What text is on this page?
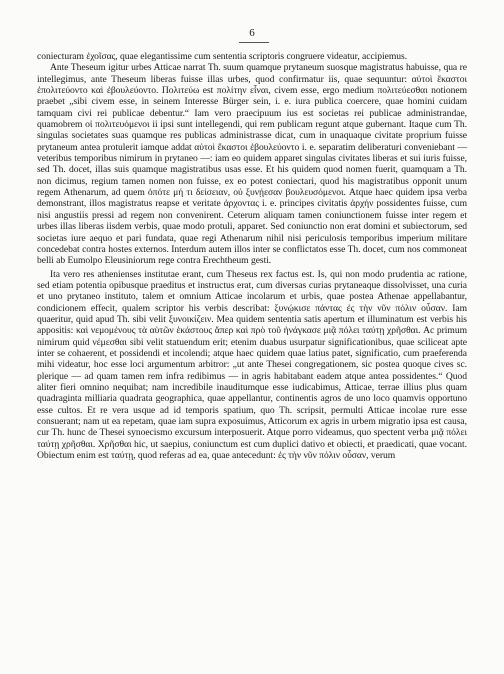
6

coniecturam ἐχοῖσας, quae elegantissime cum sententia scriptoris congruere videatur, accipiemus.

Ante Theseum igitur urbes Atticae narrat Th. suum quamque prytaneum suosque magistratus habuisse, qua re intellegimus, ante Theseum liberas fuisse illas urbes, quod confirmatur iis, quae sequuntur: αὐτοὶ ἕκαστοι ἐπολιτεύοντο καὶ ἐβουλεύοντο. Πολιτεύω est πολίτην εἶναι, civem esse, ergo medium πολιτεύεσθαι notionem praebet „sibi civem esse, in seinem Interesse Bürger sein, i. e. iura publica coercere, quae homini cuidam tamquam civi rei publicae debentur.“ Iam vero praecipuum ius est societas rei publicae administrandae, quamobrem οἱ πολιτευόμενοι ii ipsi sunt intellegendi, qui rem publicam regunt atque gubernant. Itaque cum Th. singulas societates suas quamque res publicas administrasse dicat, cum in unaquaque civitate proprium fuisse prytaneum antea protulerit iamque addat αὐτοὶ ἕκαστοι ἐβουλεύοντο i. e. separatim deliberaturi conveniebant — veteribus temporibus nimirum in prytaneo —: iam eo quidem apparet singulas civitates liberas et sui iuris fuisse, sed Th. docet, illas suis quamque magistratibus usas esse. Et his quidem quod nomen fuerit, quamquam a Th. non dicimus, regium tamen nomen non fuisse, ex eo potest coniectari, quod his magistratibus opponit unum regem Athenarum, ad quem ὁπότε μή τι δείσειαν, οὐ ξυνῄεσαν βουλευσόμενοι. Atque haec quidem ipsa verba demonstrant, illos magistratus reapse et veritate ἀρχοντας i. e. principes civitatis ἀρχήν possidentes fuisse, cum nisi angustiis pressi ad regem non convenirent. Ceterum aliquam tamen coniunctionem fuisse inter regem et urbes illas liberas iisdem verbis, quae modo protuli, apparet. Sed coniunctio non erat domini et subiectorum, sed societas iure aequo et pari fundata, quae regi Athenarum nihil nisi periculosis temporibus imperium militare concedebat contra hostes externos. Interdum autem illos inter se conflictatos esse Th. docet, cum nos commoneat belli ab Eumolpo Eleusiniorum rege contra Erechtheum gesti.

Ita vero res athenienses institutae erant, cum Theseus rex factus est. Is, qui non modo prudentia ac ratione, sed etiam potentia opibusque praeditus et instructus erat, cum diversas curias prytaneaque dissolvisset, una curia et uno prytaneo instituto, talem et omnium Atticae incolarum et urbis, quae postea Athenae appellabantur, condicionem effecit, qualem scriptor his verbis describat: ξυνῴκισε πάντας ἐς τὴν νῦν πόλιν οὖσαν. Iam quaeritur, quid apud Th. sibi velit ξυνοικίζειν. Mea quidem sententia satis apertum et illuminatum est verbis his appositis: καὶ νεμομένους τὰ αὑτῶν ἑκάστους ἅπερ καὶ πρὸ τοῦ ἠνάγκασε μιᾷ πόλει ταύτῃ χρῆσθαι. Ac primum nimirum quid νέμεσθαι sibi velit statuendum erit; etenim duabus usurpatur significationibus, quae sciliceat apte inter se cohaerent, et possidendi et incolendi; atque haec quidem quae latius patet, significatio, cum praeferenda mihi videatur, hoc esse loci argumentum arbitror: „ut ante Thesei congregationem, sic postea quoque cives sc. plerique — ad quam tamen rem infra redibimus — in agris habitabant eadem atque antea possidentes.“ Quod aliter fieri omnino nequibat; nam incredibile inauditumque esse iudicabimus, Atticae, terrae illius plus quam quadraginta milliaria quadrata geographica, quae appellantur, continentis agros de uno loco quamvis opportuno esse cultos. Et re vera usque ad id temporis spatium, quo Th. scripsit, permulti Atticae incolae rure esse consuerant; nam ut ea repetam, quae iam supra exposuimus, Atticorum ex agris in urbem migratio ipsa est causa, cur Th. hunc de Thesei synoecismo excursum interposuerit. Atque porro videamus, quo spectent verba μιᾷ πόλει ταύτῃ χρῆσθαι. Χρῆσθαι hic, ut saepius, coniunctum est cum duplici dativo et obiecti, et praedicati, quae vocant. Obiectum enim est ταύτῃ, quod referas ad ea, quae antecedunt: ἐς τὴν νῦν πόλιν οὖσαν, verum
